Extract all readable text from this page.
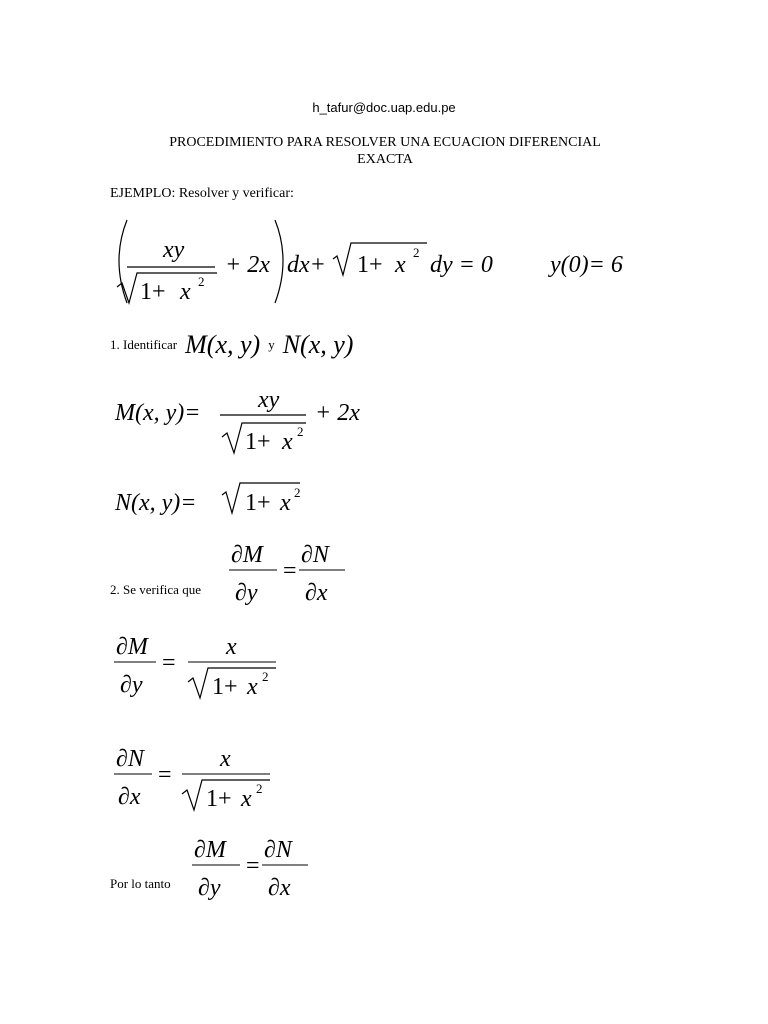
h_tafur@doc.uap.edu.pe
PROCEDIMIENTO PARA RESOLVER UNA ECUACION DIFERENCIAL
EXACTA
EJEMPLO: Resolver y verificar:
xy
1+ x 2
+ 2x dx+ 1+ x 2 dy = 0 y(0)= 6
1. Identificar M(x, y) y N(x, y)
M(x, y)= xy
1+ x 2
+ 2x
N(x, y)= 1+ x 2
2. Se verifica que
∂M
∂y
=
∂N
∂x
∂M
∂y
=
x
1+ x 2
∂N
∂x
=
x
1+ x 2
Por lo tanto
∂M
∂y
=
∂N
∂x
